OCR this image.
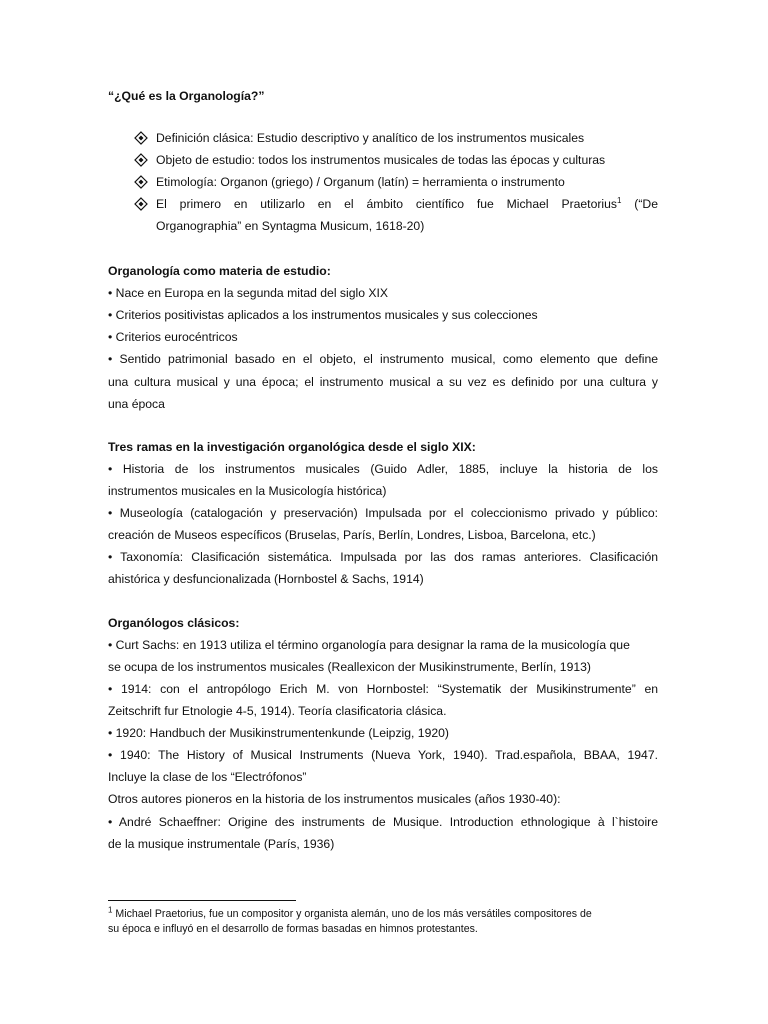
“¿Qué es la Organología?”
Definición clásica: Estudio descriptivo y analítico de los instrumentos musicales
Objeto de estudio: todos los instrumentos musicales de todas las épocas y culturas
Etimología: Organon (griego) / Organum (latín) = herramienta o instrumento
El primero en utilizarlo en el ámbito científico fue Michael Praetorius$^1$ (“De
Organographia” en Syntagma Musicum, 1618-20)
Organología como materia de estudio:
• Nace en Europa en la segunda mitad del siglo XIX
• Criterios positivistas aplicados a los instrumentos musicales y sus colecciones
• Criterios eurocéntricos
• Sentido patrimonial basado en el objeto, el instrumento musical, como elemento que define
una cultura musical y una época; el instrumento musical a su vez es definido por una cultura y
una época
Tres ramas en la investigación organológica desde el siglo XIX:
• Historia de los instrumentos musicales (Guido Adler, 1885, incluye la historia de los
instrumentos musicales en la Musicología histórica)
• Museología (catalogación y preservación) Impulsada por el coleccionismo privado y público:
creación de Museos específicos (Bruselas, París, Berlín, Londres, Lisboa, Barcelona, etc.)
• Taxonomía: Clasificación sistemática. Impulsada por las dos ramas anteriores. Clasificación
ahistórica y desfuncionalizada (Hornbostel & Sachs, 1914)
Organólogos clásicos:
• Curt Sachs: en 1913 utiliza el término organología para designar la rama de la musicología que
se ocupa de los instrumentos musicales (Reallexicon der Musikinstrumente, Berlín, 1913)
• 1914: con el antropólogo Erich M. von Hornbostel: “Systematik der Musikinstrumente” en
Zeitschrift fur Etnologie 4-5, 1914). Teoría clasificatoria clásica.
• 1920: Handbuch der Musikinstrumentenkunde (Leipzig, 1920)
• 1940: The History of Musical Instruments (Nueva York, 1940). Trad.española, BBAA, 1947.
Incluye la clase de los “Electrófonos”
Otros autores pioneros en la historia de los instrumentos musicales (años 1930-40):
• André Schaeffner: Origine des instruments de Musique. Introduction ethnologique à l`histoire
de la musique instrumentale (París, 1936)
$^1$ Michael Praetorius, fue un compositor y organista alemán, uno de los más versátiles compositores de
su época e influyó en el desarrollo de formas basadas en himnos protestantes.
